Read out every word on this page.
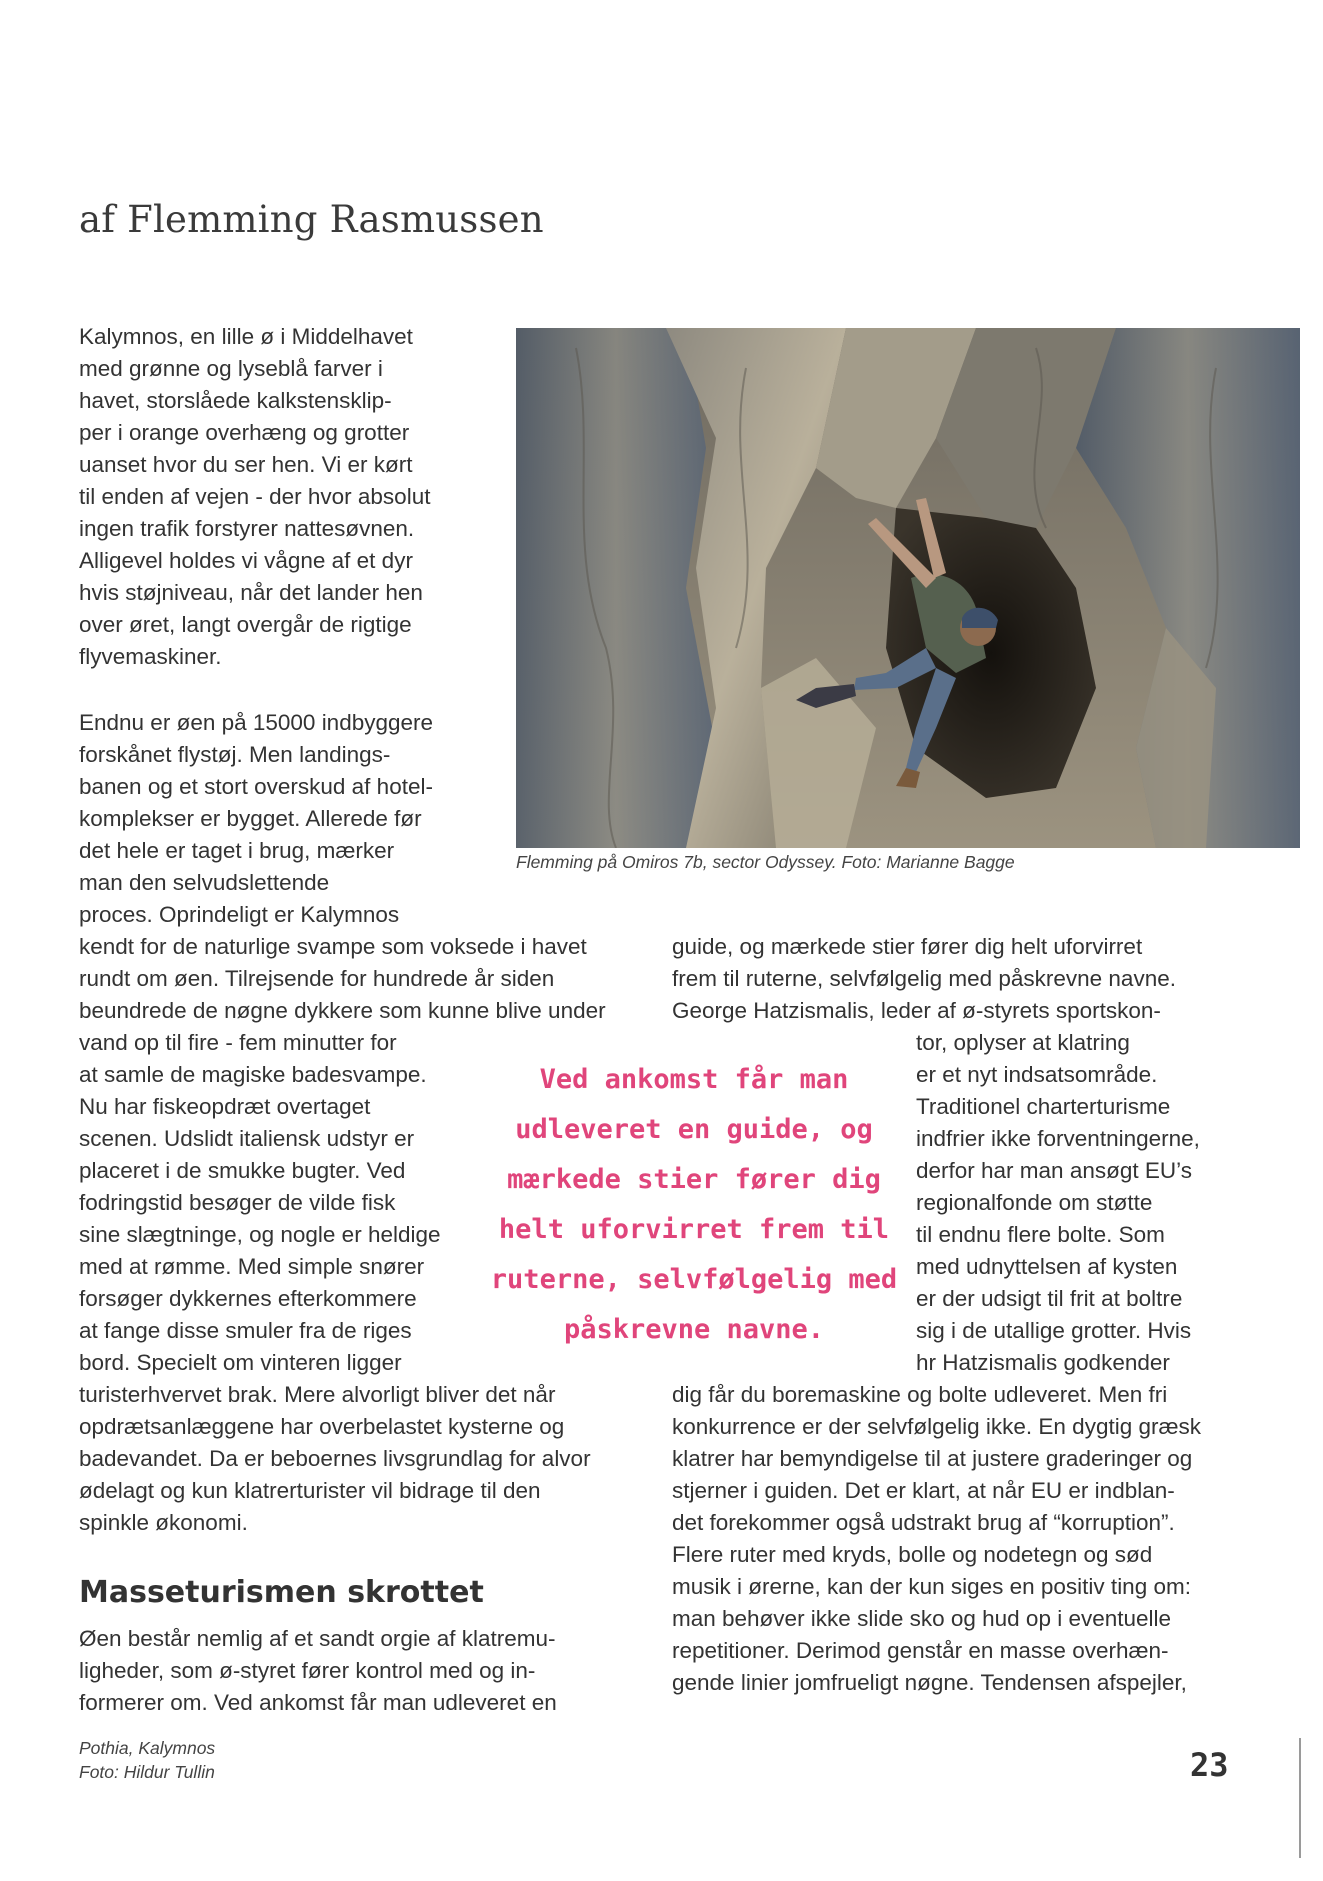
af Flemming Rasmussen
Kalymnos, en lille ø i Middelhavet
med grønne og lyseblå farver i
havet, storslåede kalkstensklip-
per i orange overhæng og grotter
uanset hvor du ser hen. Vi er kørt
til enden af vejen - der hvor absolut
ingen trafik forstyrer nattesøvnen.
Alligevel holdes vi vågne af et dyr
hvis støjniveau, når det lander hen
over øret, langt overgår de rigtige
flyvemaskiner.
Flemming på Omiros 7b, sector Odyssey. Foto: Marianne Bagge
Endnu er øen på 15000 indbyggere
forskånet flystøj. Men landings-
banen og et stort overskud af hotel-
komplekser er bygget. Allerede før
det hele er taget i brug, mærker
man den selvudslettende
proces. Oprindeligt er Kalymnos
kendt for de naturlige svampe som voksede i havet
rundt om øen. Tilrejsende for hundrede år siden
beundrede de nøgne dykkere som kunne blive under
vand op til fire - fem minutter for
at samle de magiske badesvampe.
Nu har fiskeopdræt overtaget
scenen. Udslidt italiensk udstyr er
placeret i de smukke bugter. Ved
fodringstid besøger de vilde fisk
sine slægtninge, og nogle er heldige
med at rømme. Med simple snører
forsøger dykkernes efterkommere
at fange disse smuler fra de riges
bord. Specielt om vinteren ligger
turisterhvervet brak. Mere alvorligt bliver det når
opdrætsanlæggene har overbelastet kysterne og
badevandet. Da er beboernes livsgrundlag for alvor
ødelagt og kun klatrerturister vil bidrage til den
spinkle økonomi.
Masseturismen skrottet
Øen består nemlig af et sandt orgie af klatremu-
ligheder, som ø-styret fører kontrol med og in-
formerer om. Ved ankomst får man udleveret en
guide, og mærkede stier fører dig helt uforvirret
frem til ruterne, selvfølgelig med påskrevne navne.
George Hatzismalis, leder af ø-styrets sportskon-
tor, oplyser at klatring
er et nyt indsatsområde.
Traditionel charterturisme
indfrier ikke forventningerne,
derfor har man ansøgt EU’s
regionalfonde om støtte
til endnu flere bolte. Som
med udnyttelsen af kysten
er der udsigt til frit at boltre
sig i de utallige grotter. Hvis
hr Hatzismalis godkender
dig får du boremaskine og bolte udleveret. Men fri
konkurrence er der selvfølgelig ikke. En dygtig græsk
klatrer har bemyndigelse til at justere graderinger og
stjerner i guiden. Det er klart, at når EU er indblan-
det forekommer også udstrakt brug af “korruption”.
Flere ruter med kryds, bolle og nodetegn og sød
musik i ørerne, kan der kun siges en positiv ting om:
man behøver ikke slide sko og hud op i eventuelle
repetitioner. Derimod genstår en masse overhæn-
gende linier jomfrueligt nøgne. Tendensen afspejler,
Ved ankomst får man
udleveret en guide, og
mærkede stier fører dig
helt uforvirret frem til
ruterne, selvfølgelig med
påskrevne navne.
Pothia, Kalymnos
Foto: Hildur Tullin	23
